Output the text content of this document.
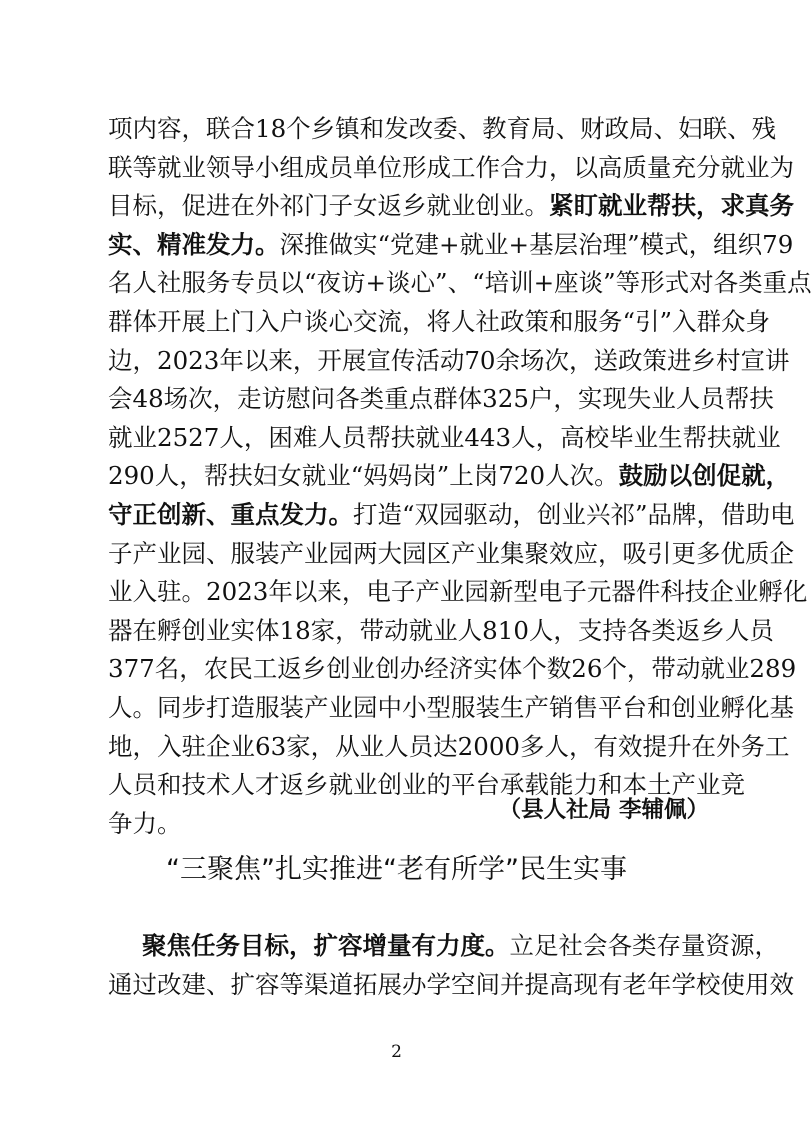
项内容，联合18个乡镇和发改委、教育局、财政局、妇联、残
联等就业领导小组成员单位形成工作合力，以高质量充分就业为
目标，促进在外祁门子女返乡就业创业。紧盯就业帮扶，求真务
实、精准发力。深推做实“党建+就业+基层治理”模式，组织79
名人社服务专员以“夜访+谈心”、“培训+座谈”等形式对各类重点
群体开展上门入户谈心交流，将人社政策和服务“引”入群众身
边，2023年以来，开展宣传活动70余场次，送政策进乡村宣讲
会48场次，走访慰问各类重点群体325户，实现失业人员帮扶
就业2527人，困难人员帮扶就业443人，高校毕业生帮扶就业
290人，帮扶妇女就业“妈妈岗”上岗720人次。鼓励以创促就，
守正创新、重点发力。打造“双园驱动，创业兴祁”品牌，借助电
子产业园、服装产业园两大园区产业集聚效应，吸引更多优质企
业入驻。2023年以来，电子产业园新型电子元器件科技企业孵化
器在孵创业实体18家，带动就业人810人，支持各类返乡人员
377名，农民工返乡创业创办经济实体个数26个，带动就业289
人。同步打造服装产业园中小型服装生产销售平台和创业孵化基
地，入驻企业63家，从业人员达2000多人，有效提升在外务工
人员和技术人才返乡就业创业的平台承载能力和本土产业竞
争力。	（县人社局 李辅佩）
“三聚焦”扎实推进“老有所学”民生实事
聚焦任务目标，扩容增量有力度。立足社会各类存量资源，
通过改建、扩容等渠道拓展办学空间并提高现有老年学校使用效
2
